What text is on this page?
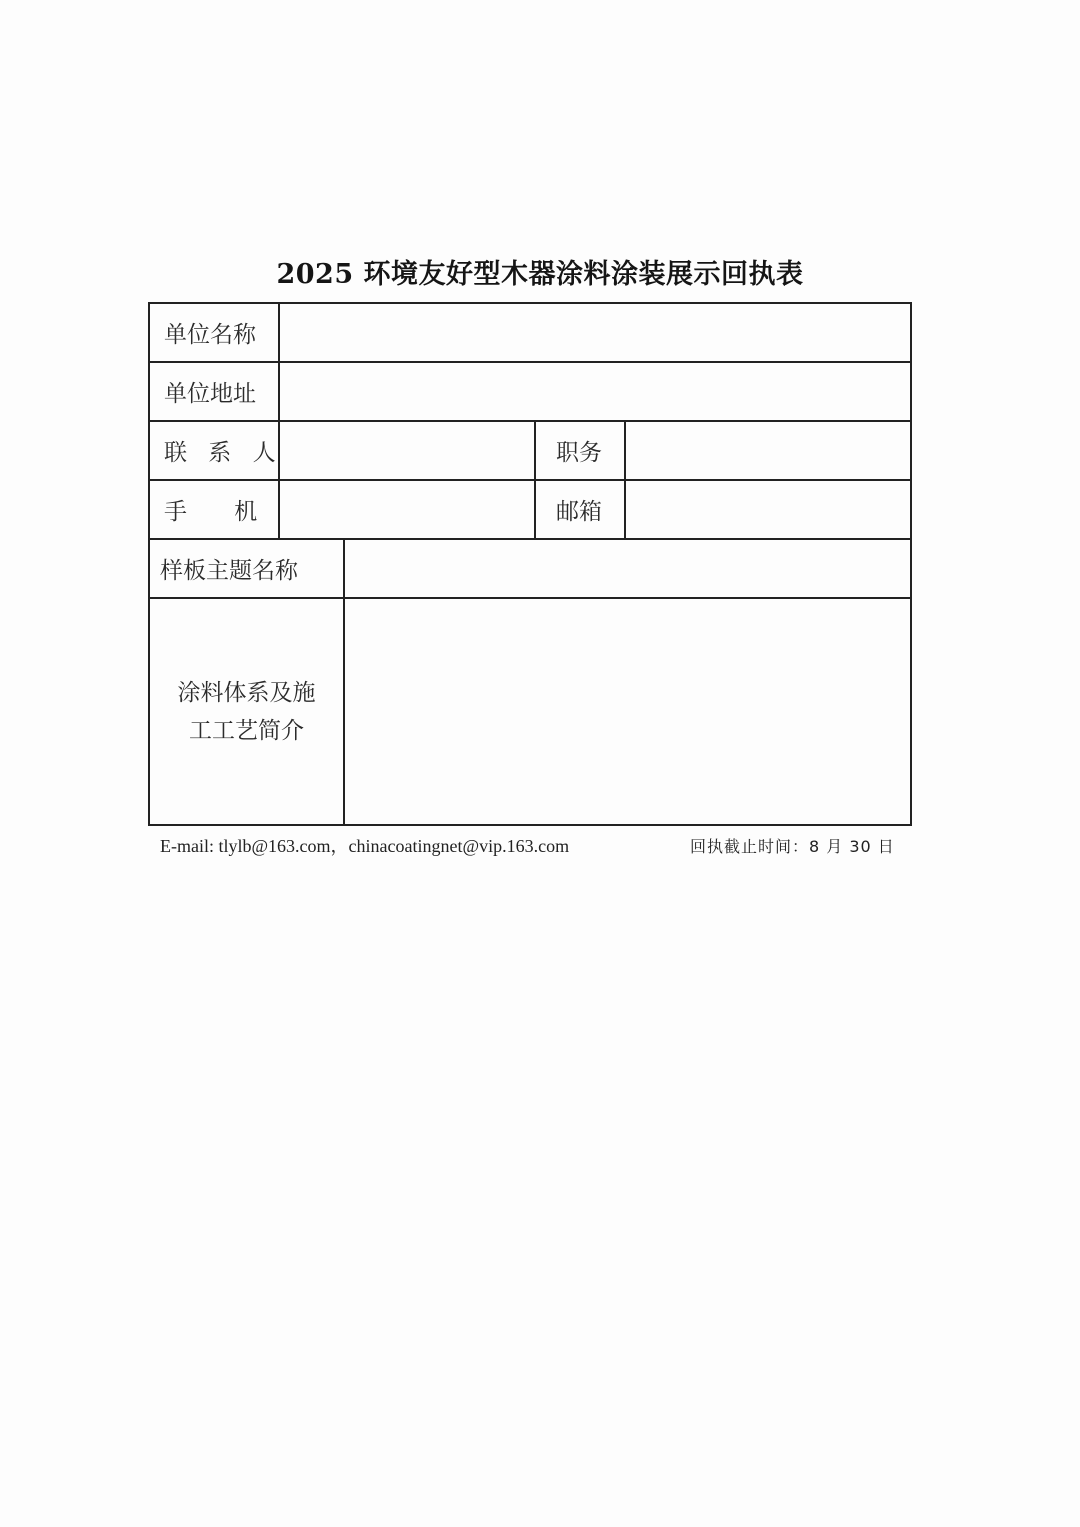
2025 环境友好型木器涂料涂装展示回执表
单位名称
单位地址
联 系 人	职务
手 机	邮箱
样板主题名称
涂料体系及施
工工艺简介
E-mail: tlylb@163.com，chinacoatingnet@vip.163.com	回执截止时间：8 月 30 日
